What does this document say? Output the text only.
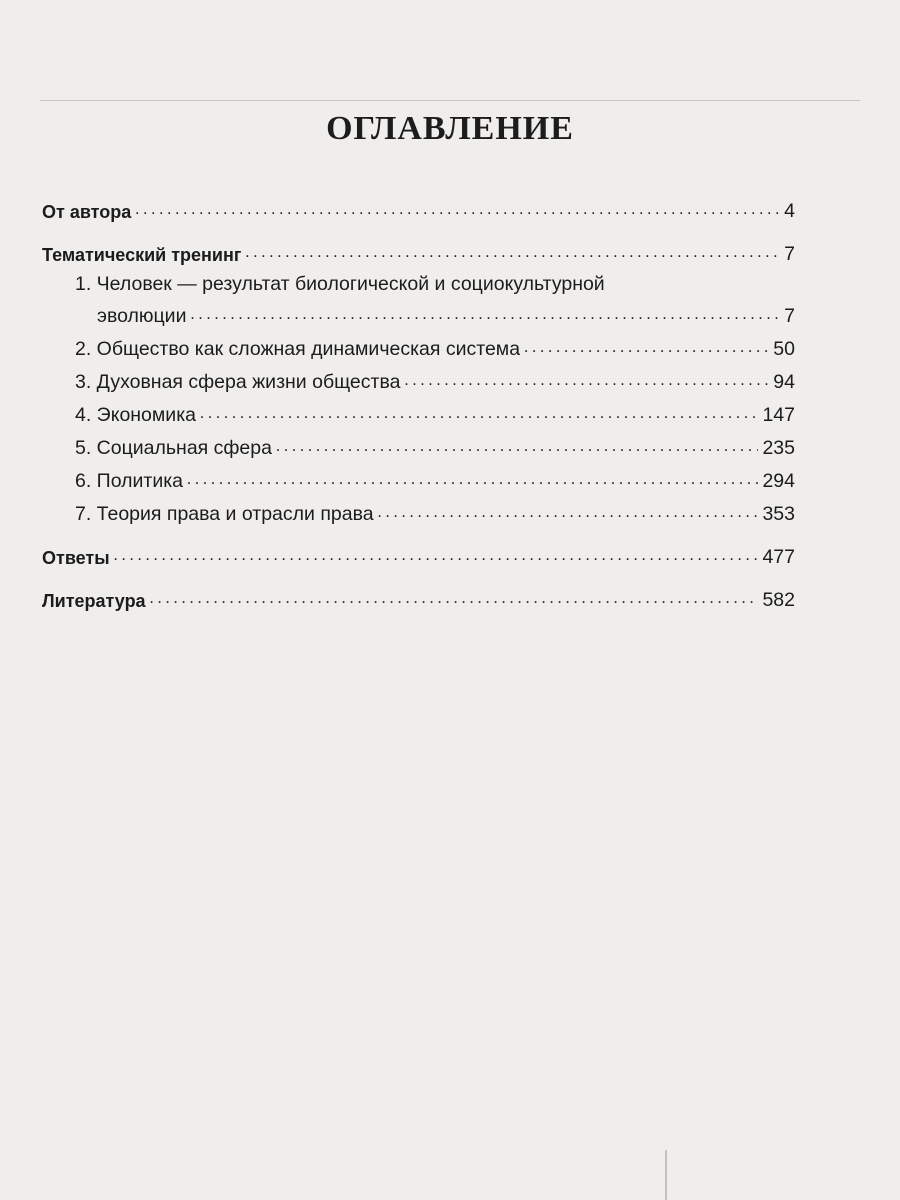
ОГЛАВЛЕНИЕ
От автора . . .	4
Тематический тренинг . . .	7
1. Человек — результат биологической и социокультурной
эволюции . . .	7
2. Общество как сложная динамическая система . . .	50
3. Духовная сфера жизни общества . . .	94
4. Экономика . . .	147
5. Социальная сфера . . .	235
6. Политика . . .	294
7. Теория права и отрасли права . . .	353
Ответы . . .	477
Литература . . .	582
